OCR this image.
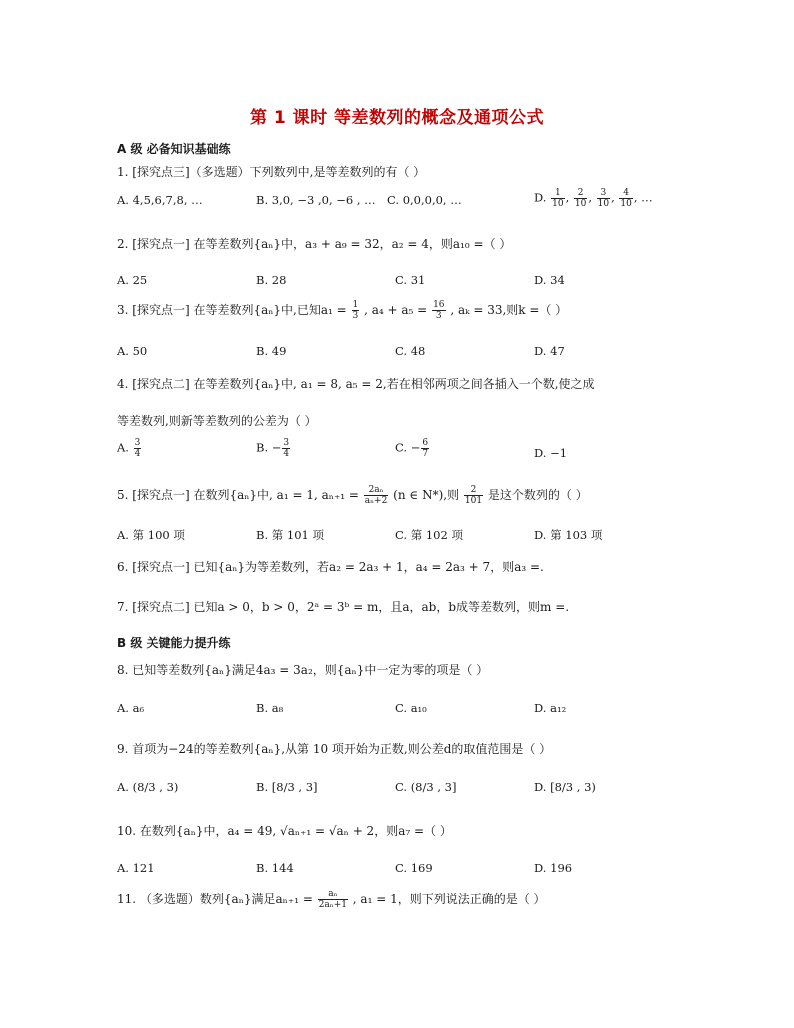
第 1 课时 等差数列的概念及通项公式
A 级 必备知识基础练
1. [探究点三]（多选题）下列数列中,是等差数列的有（ ）
A. 4,5,6,7,8, …	B. 3,0, −3 ,0, −6 , … C. 0,0,0,0, …	D. $\frac{1}{10}$ , $\frac{2}{10}$ , $\frac{3}{10}$ , $\frac{4}{10}$ , …
2. [探究点一] 在等差数列{aₙ}中，a₃ + a₉ = 32，a₂ = 4，则a₁₀ =（ ）
A. 25	B. 28	C. 31	D. 34
3. [探究点一] 在等差数列{aₙ}中,已知$a_1 = \frac{1}{3}$ , $a_4 + a_5 = \frac{16}{3}$ , aₖ = 33,则k =（ ）
A. 50	B. 49	C. 48	D. 47
4. [探究点二] 在等差数列{aₙ}中, a₁ = 8, a₅ = 2,若在相邻两项之间各插入一个数,使之成
等差数列,则新等差数列的公差为（ ）
A. $\frac{3}{4}$	B. − $\frac{3}{4}$	C. − $\frac{6}{7}$	D. −1
5. [探究点一] 在数列{aₙ}中, a₁ = 1, $a_{n+1} = \frac{\text{2aₙ}}{\text{aₙ+2}} (n$ ∈ N*),则 $\frac{2}{101}$ 是这个数列的（ ）
A. 第 100 项	B. 第 101 项	C. 第 102 项	D. 第 103 项
6. [探究点一] 已知{aₙ}为等差数列，若a₂ = 2a₃ + 1，a₄ = 2a₃ + 7，则a₃ =.
7. [探究点二] 已知a > 0，b > 0，2ᵃ = 3ᵇ = m，且a，ab，b成等差数列，则m =.
B 级 关键能力提升练
8. 已知等差数列{aₙ}满足4a₃ = 3a₂，则{aₙ}中一定为零的项是（ ）
A. a₆	B. a₈	C. a₁₀	D. a₁₂
9. 首项为−24的等差数列{aₙ},从第 10 项开始为正数,则公差d的取值范围是（ ）
A. (8/3 , 3)	B. [8/3 , 3]	C. (8/3 , 3]	D. [8/3 , 3)
10. 在数列{aₙ}中，a₄ = 49, √aₙ₊₁ = √aₙ + 2，则a₇ =（ ）
A. 121	B. 144	C. 169	D. 196
11. （多选题）数列{aₙ}满足$a_{n+1} = \frac{\text{aₙ}}{\text{2aₙ+1}}$ , a₁ = 1，则下列说法正确的是（ ）
